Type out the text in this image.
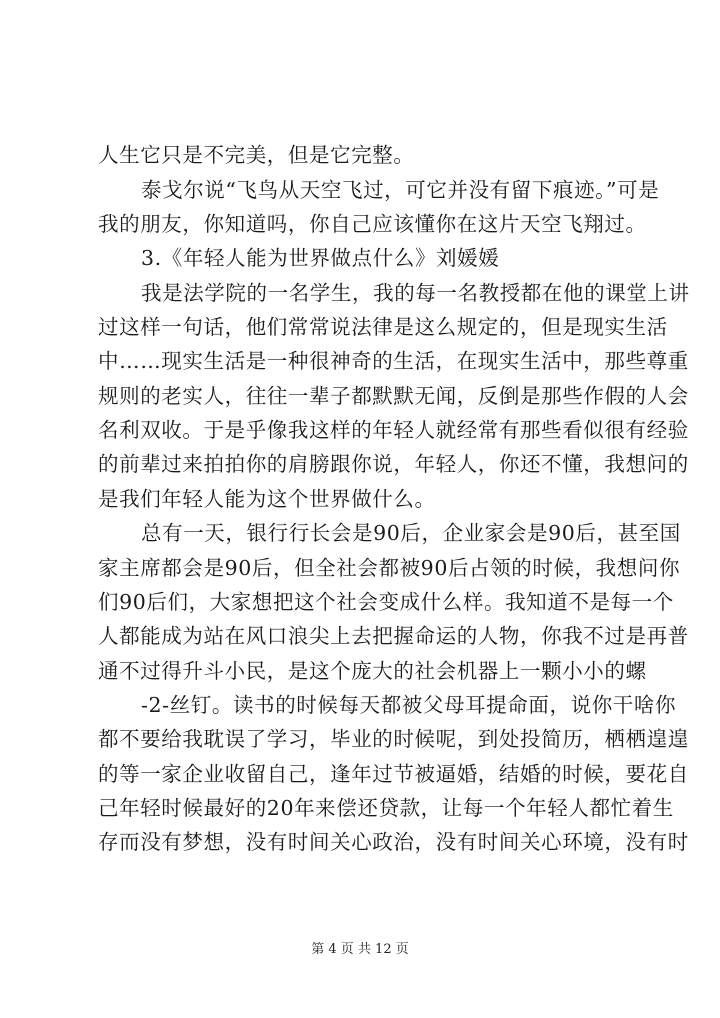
人生它只是不完美，但是它完整。
泰戈尔说“飞鸟从天空飞过，可它并没有留下痕迹。”可是
我的朋友，你知道吗，你自己应该懂你在这片天空飞翔过。
3.《年轻人能为世界做点什么》刘媛媛
我是法学院的一名学生，我的每一名教授都在他的课堂上讲
过这样一句话，他们常常说法律是这么规定的，但是现实生活
中……现实生活是一种很神奇的生活，在现实生活中，那些尊重
规则的老实人，往往一辈子都默默无闻，反倒是那些作假的人会
名利双收。于是乎像我这样的年轻人就经常有那些看似很有经验
的前辈过来拍拍你的肩膀跟你说，年轻人，你还不懂，我想问的
是我们年轻人能为这个世界做什么。
总有一天，银行行长会是90后，企业家会是90后，甚至国
家主席都会是90后，但全社会都被90后占领的时候，我想问你
们90后们，大家想把这个社会变成什么样。我知道不是每一个
人都能成为站在风口浪尖上去把握命运的人物，你我不过是再普
通不过得升斗小民，是这个庞大的社会机器上一颗小小的螺
-2-丝钉。读书的时候每天都被父母耳提命面，说你干啥你
都不要给我耽误了学习，毕业的时候呢，到处投简历，栖栖遑遑
的等一家企业收留自己，逢年过节被逼婚，结婚的时候，要花自
己年轻时候最好的20年来偿还贷款，让每一个年轻人都忙着生
存而没有梦想，没有时间关心政治，没有时间关心环境，没有时
第 4 页 共 12 页
